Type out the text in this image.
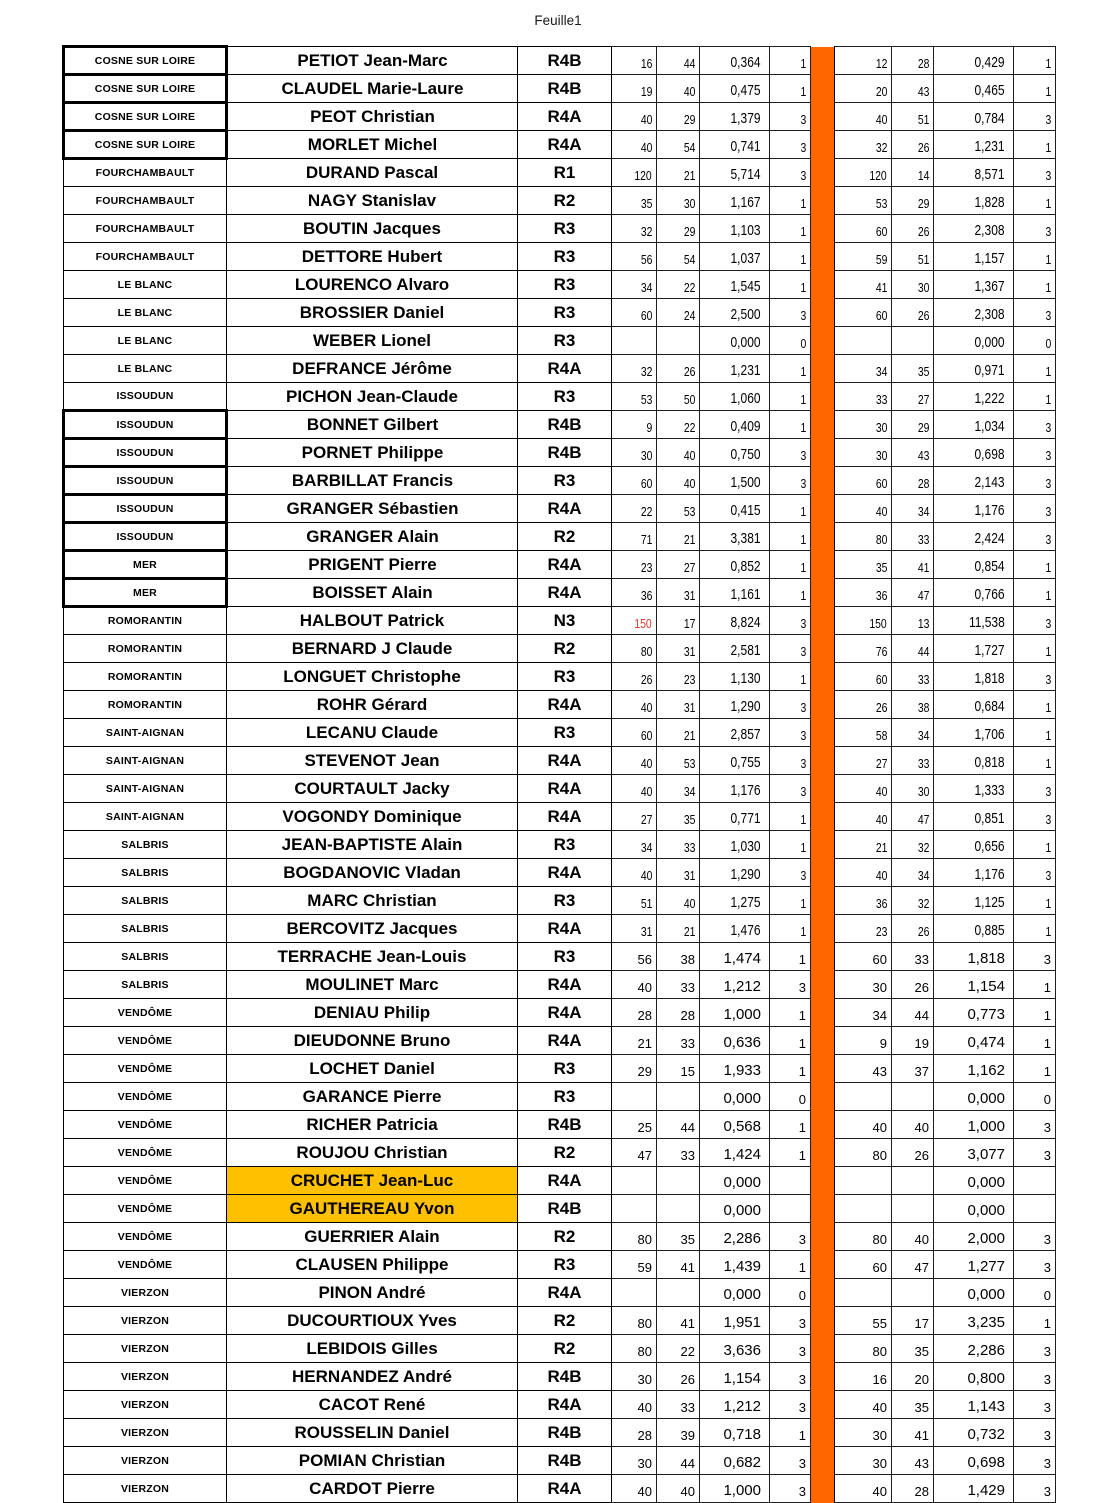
Feuille1
COSNE SUR LOIRE	PETIOT Jean-Marc	R4B	16	44	0,364	1		12	28	0,429	1
COSNE SUR LOIRE	CLAUDEL Marie-Laure	R4B	19	40	0,475	1		20	43	0,465	1
COSNE SUR LOIRE	PEOT Christian	R4A	40	29	1,379	3		40	51	0,784	3
COSNE SUR LOIRE	MORLET Michel	R4A	40	54	0,741	3		32	26	1,231	1
FOURCHAMBAULT	DURAND Pascal	R1	120	21	5,714	3		120	14	8,571	3
FOURCHAMBAULT	NAGY Stanislav	R2	35	30	1,167	1		53	29	1,828	1
FOURCHAMBAULT	BOUTIN Jacques	R3	32	29	1,103	1		60	26	2,308	3
FOURCHAMBAULT	DETTORE Hubert	R3	56	54	1,037	1		59	51	1,157	1
LE BLANC	LOURENCO Alvaro	R3	34	22	1,545	1		41	30	1,367	1
LE BLANC	BROSSIER Daniel	R3	60	24	2,500	3		60	26	2,308	3
LE BLANC	WEBER Lionel	R3			0,000	0				0,000	0
LE BLANC	DEFRANCE Jérôme	R4A	32	26	1,231	1		34	35	0,971	1
ISSOUDUN	PICHON Jean-Claude	R3	53	50	1,060	1		33	27	1,222	1
ISSOUDUN	BONNET Gilbert	R4B	9	22	0,409	1		30	29	1,034	3
ISSOUDUN	PORNET Philippe	R4B	30	40	0,750	3		30	43	0,698	3
ISSOUDUN	BARBILLAT Francis	R3	60	40	1,500	3		60	28	2,143	3
ISSOUDUN	GRANGER Sébastien	R4A	22	53	0,415	1		40	34	1,176	3
ISSOUDUN	GRANGER Alain	R2	71	21	3,381	1		80	33	2,424	3
MER	PRIGENT Pierre	R4A	23	27	0,852	1		35	41	0,854	1
MER	BOISSET Alain	R4A	36	31	1,161	1		36	47	0,766	1
ROMORANTIN	HALBOUT Patrick	N3	150	17	8,824	3		150	13	11,538	3
ROMORANTIN	BERNARD J Claude	R2	80	31	2,581	3		76	44	1,727	1
ROMORANTIN	LONGUET Christophe	R3	26	23	1,130	1		60	33	1,818	3
ROMORANTIN	ROHR Gérard	R4A	40	31	1,290	3		26	38	0,684	1
SAINT-AIGNAN	LECANU Claude	R3	60	21	2,857	3		58	34	1,706	1
SAINT-AIGNAN	STEVENOT Jean	R4A	40	53	0,755	3		27	33	0,818	1
SAINT-AIGNAN	COURTAULT Jacky	R4A	40	34	1,176	3		40	30	1,333	3
SAINT-AIGNAN	VOGONDY Dominique	R4A	27	35	0,771	1		40	47	0,851	3
SALBRIS	JEAN-BAPTISTE Alain	R3	34	33	1,030	1		21	32	0,656	1
SALBRIS	BOGDANOVIC Vladan	R4A	40	31	1,290	3		40	34	1,176	3
SALBRIS	MARC Christian	R3	51	40	1,275	1		36	32	1,125	1
SALBRIS	BERCOVITZ Jacques	R4A	31	21	1,476	1		23	26	0,885	1
SALBRIS	TERRACHE Jean-Louis	R3	56	38	1,474	1		60	33	1,818	3
SALBRIS	MOULINET Marc	R4A	40	33	1,212	3		30	26	1,154	1
VENDÔME	DENIAU Philip	R4A	28	28	1,000	1		34	44	0,773	1
VENDÔME	DIEUDONNE Bruno	R4A	21	33	0,636	1		9	19	0,474	1
VENDÔME	LOCHET Daniel	R3	29	15	1,933	1		43	37	1,162	1
VENDÔME	GARANCE Pierre	R3			0,000	0				0,000	0
VENDÔME	RICHER Patricia	R4B	25	44	0,568	1		40	40	1,000	3
VENDÔME	ROUJOU Christian	R2	47	33	1,424	1		80	26	3,077	3
VENDÔME	CRUCHET Jean-Luc	R4A			0,000					0,000	
VENDÔME	GAUTHEREAU Yvon	R4B			0,000					0,000	
VENDÔME	GUERRIER Alain	R2	80	35	2,286	3		80	40	2,000	3
VENDÔME	CLAUSEN Philippe	R3	59	41	1,439	1		60	47	1,277	3
VIERZON	PINON André	R4A			0,000	0				0,000	0
VIERZON	DUCOURTIOUX Yves	R2	80	41	1,951	3		55	17	3,235	1
VIERZON	LEBIDOIS Gilles	R2	80	22	3,636	3		80	35	2,286	3
VIERZON	HERNANDEZ André	R4B	30	26	1,154	3		16	20	0,800	3
VIERZON	CACOT René	R4A	40	33	1,212	3		40	35	1,143	3
VIERZON	ROUSSELIN Daniel	R4B	28	39	0,718	1		30	41	0,732	3
VIERZON	POMIAN Christian	R4B	30	44	0,682	3		30	43	0,698	3
VIERZON	CARDOT Pierre	R4A	40	40	1,000	3		40	28	1,429	3
